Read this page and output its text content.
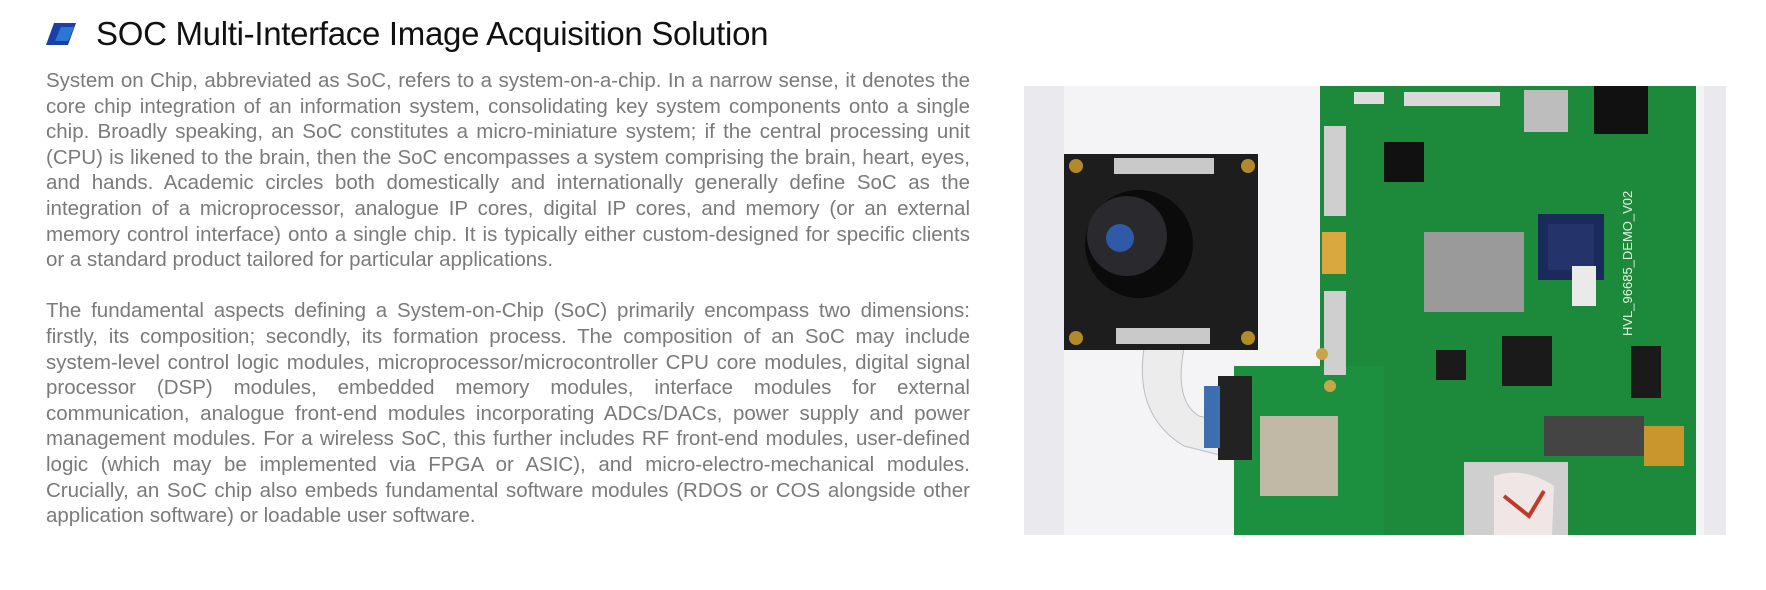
SOC Multi-Interface Image Acquisition Solution

System on Chip, abbreviated as SoC, refers to a system-on-a-chip. In a narrow sense, it denotes the core chip integration of an information system, consolidating key system components onto a single chip. Broadly speaking, an SoC constitutes a micro-miniature system; if the central processing unit (CPU) is likened to the brain, then the SoC encompasses a system comprising the brain, heart, eyes, and hands. Academic circles both domestically and internationally generally define SoC as the integration of a microprocessor, analogue IP cores, digital IP cores, and memory (or an external memory control interface) onto a single chip. It is typically either custom-designed for specific clients or a standard product tailored for particular applications.

The fundamental aspects defining a System-on-Chip (SoC) primarily encompass two dimensions: firstly, its composition; secondly, its formation process. The composition of an SoC may include system-level control logic modules, microprocessor/microcontroller CPU core modules, digital signal processor (DSP) modules, embedded memory modules, interface modules for external communication, analogue front-end modules incorporating ADCs/DACs, power supply and power management modules. For a wireless SoC, this further includes RF front-end modules, user-defined logic (which may be implemented via FPGA or ASIC), and micro-electro-mechanical modules. Crucially, an SoC chip also embeds fundamental software modules (RDOS or COS alongside other application software) or loadable user software.

HVL_96685_DEMO_V02
